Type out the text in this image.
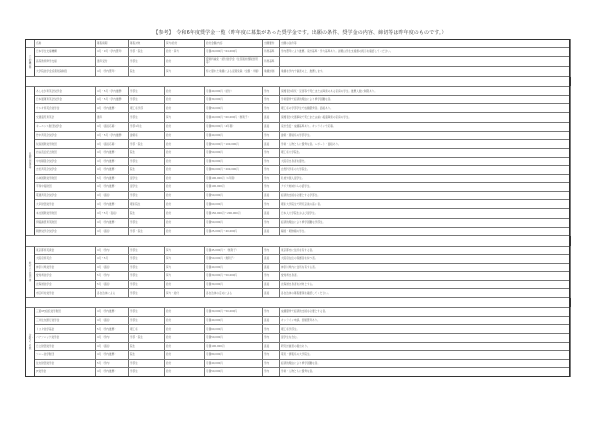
【参考】　令和6年度奨学金一覧（昨年度に募集があった奨学金です。出願の条件、奨学金の内容、締切等は昨年度のものです。）
	名称	募集時期	募集対象	貸与/給付	給付金額/内容	出願要件	出願の条件等

公的機関	日本学生支援機構	4月・9月（学内選考）	学部・院生	給付・貸与	月額20,000円〜64,000円	所得基準	学内選考により推薦。家計基準・学力基準あり。詳細は学生支援課の掲示を確認してください。
	高等教育修学支援	通年受付	学部生	給付	授業料減免・給付奨学金（住民税非課税世帯等）	所得基準	
	大学院奨学金返還免除制度	4月（学内選考）	院生	貸与	特に優れた業績による返還免除（全額・半額）	業績評価	業績を学内で審査の上、推薦します。

民間団体等	あしなが育英会奨学金	4月・5月（学内推薦）	学部生	給付	月額40,000円（給付）	学内	保護者が病気・災害等で死亡または障害のある家庭の学生。推薦人数に制限あり。
	日本通運育英会奨学金	4月・5月（学内推薦）	学部生	給付	月額30,000円	学内	学業優秀で経済的理由により修学困難な者。
	ウシオ育英会奨学金	4月（学内推薦）	理工系学部	給付	月額50,000円	学内	理工系の学部学生で成績優秀者。面接あり。
	交通遺児育英会	通年	学部生	貸与	月額40,000円〜60,000円（無利子）	直接	保護者が交通事故で死亡または重い後遺障害の家庭の学生。
	キーエンス財団奨学金	4月（直接応募）	学部1年生	給付	月額80,000円（4年間）	直接	家計急変・成績基準あり。オンラインで応募。
	竹中育英会奨学金	4月・5月（学内推薦）	建築系	給付	月額40,000円	学内	建築・環境系の学部学生。
	似鳥国際奨学財団	4月（直接応募）	学部・院生	給付	月額50,000円〜100,000円	直接	学業・人物ともに優秀な者。レポート・面接あり。
	岩谷直治記念財団	4月（学内推薦）	院生	給付	月額50,000円	学内	理工系大学院生。
	中村積善会奨学金	4月（学内推薦）	学部生	給付	月額30,000円	学内	大阪府出身者を優先。
	吉田育英会奨学金	4月（学内推薦）	院生	給付	月額80,000円〜200,000円	学内	自然科学系の大学院生。
	小林国際奨学財団	5月（学内推薦）	留学生	給付	月額100,000円（1年間）	学内	私費外国人留学生。
	平和中島財団	4月（学内推薦）	留学生	給付	月額100,000円	学内	アジア地域からの留学生。
	電通育英会奨学金	4月（直接）	学部生	給付	月額50,000円	直接	経済的支援を必要とする学部生。
	大幸財団奨学金	4月（学内推薦）	理系院生	給付	月額60,000円	学内	理系大学院生で研究意欲の高い者。
	本庄国際奨学財団	4月〜5月（直接）	院生	給付	月額150,000円〜200,000円	直接	日本人大学院生および留学生。
	伊藤謝恩育英財団	4月（学内推薦）	学部生	給付	月額50,000円	学内	経済的理由により修学困難な学部生。
	朝鮮奨学会奨学金	4月（直接）	学部・院生	給付	月額25,000円〜40,000円	直接	韓国・朝鮮籍の学生。

地方公共団体	東京都育英資金	4月（学内）	学部生	貸与	月額45,000円〜（無利子）	学内	東京都内に住所を有する者。
	大阪府育英会	4月〜5月	学部生	貸与	月額50,000円（無利子）	直接	大阪府在住の保護者を持つ者。
	神奈川県奨学金	4月（直接）	学部生	貸与	月額40,000円	直接	神奈川県内に住所を有する者。
	愛知県奨学金	5月（学内）	学部生	貸与	月額30,000円〜50,000円	学内	愛知県出身者。
	北海道奨学金	5月（直接）	学部生	給付	月額30,000円	直接	北海道出身者を対象とする。
	市区町村奨学金	各自治体による	学部生	貸与・給付	各自治体の定めによる	直接	各自治体の募集要項を確認してください。

企業・その他	三菱UFJ信託奨学財団	4月（学内推薦）	学部生	給付	月額30,000円〜50,000円	学内	成績優秀で経済的支援を必要とする者。
	三井住友銀行奨学金	4月（直接）	学部生	給付	月額40,000円	直接	オンライン申請。書類選考あり。
	トヨタ奨学基金	5月（学内推薦）	理工系	給付	月額60,000円	学内	理工系学部生。
	パナソニック奨学金	4月（学内）	学部・院生	給付	月額50,000円	学内	留学生を含む。
	日立財団奨学金	4月（直接）	院生	給付	月額100,000円	直接	研究計画書の提出あり。
	ソニー奨学財団	4月（学内推薦）	院生	給付	月額80,000円	学内	電気・情報系の大学院生。
	住友財団奨学金	5月（学内）	学部生	給付	月額40,000円	学内	経済的理由により修学困難な者。
	JT奨学金	4月（学内推薦）	学部生	給付	月額50,000円	学内	学業・人物ともに優秀な者。
